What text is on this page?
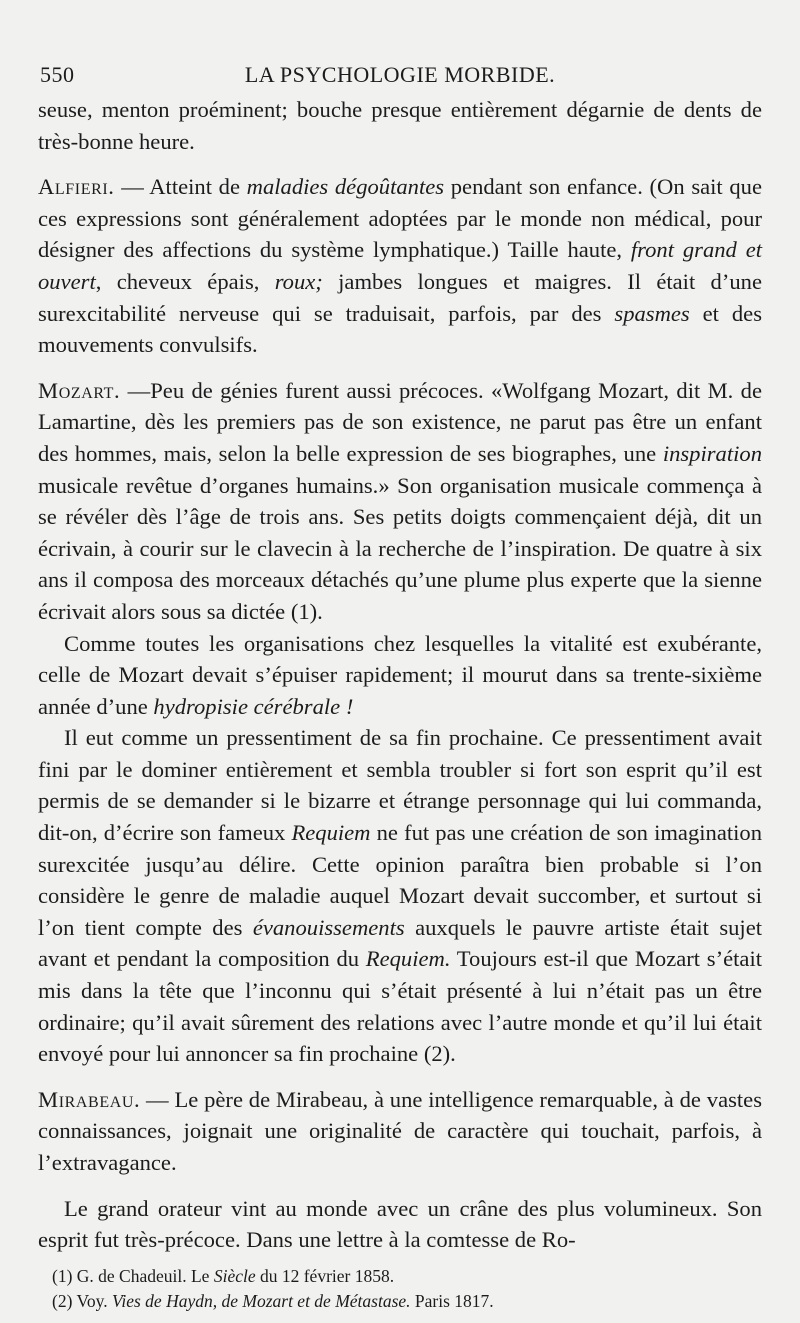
550	LA PSYCHOLOGIE MORBIDE.

seuse, menton proéminent; bouche presque entièrement dégarnie de dents de très-bonne heure.

Alfieri. — Atteint de maladies dégoûtantes pendant son enfance. (On sait que ces expressions sont généralement adoptées par le monde non médical, pour désigner des affections du système lymphatique.) Taille haute, front grand et ouvert, cheveux épais, roux; jambes longues et maigres. Il était d’une surexcitabilité nerveuse qui se traduisait, parfois, par des spasmes et des mouvements convulsifs.

Mozart. —Peu de génies furent aussi précoces. «Wolfgang Mozart, dit M. de Lamartine, dès les premiers pas de son existence, ne parut pas être un enfant des hommes, mais, selon la belle expression de ses biographes, une inspiration musicale revêtue d’organes humains.» Son organisation musicale commença à se révéler dès l’âge de trois ans. Ses petits doigts commençaient déjà, dit un écrivain, à courir sur le clavecin à la recherche de l’inspiration. De quatre à six ans il composa des morceaux détachés qu’une plume plus experte que la sienne écrivait alors sous sa dictée (1).

Comme toutes les organisations chez lesquelles la vitalité est exubérante, celle de Mozart devait s’épuiser rapidement; il mourut dans sa trente-sixième année d’une hydropisie cérébrale !

Il eut comme un pressentiment de sa fin prochaine. Ce pressentiment avait fini par le dominer entièrement et sembla troubler si fort son esprit qu’il est permis de se demander si le bizarre et étrange personnage qui lui commanda, dit-on, d’écrire son fameux Requiem ne fut pas une création de son imagination surexcitée jusqu’au délire. Cette opinion paraîtra bien probable si l’on considère le genre de maladie auquel Mozart devait succomber, et surtout si l’on tient compte des évanouissements auxquels le pauvre artiste était sujet avant et pendant la composition du Requiem. Toujours est-il que Mozart s’était mis dans la tête que l’inconnu qui s’était présenté à lui n’était pas un être ordinaire; qu’il avait sûrement des relations avec l’autre monde et qu’il lui était envoyé pour lui annoncer sa fin prochaine (2).

Mirabeau. — Le père de Mirabeau, à une intelligence remarquable, à de vastes connaissances, joignait une originalité de caractère qui touchait, parfois, à l’extravagance.

Le grand orateur vint au monde avec un crâne des plus volumineux. Son esprit fut très-précoce. Dans une lettre à la comtesse de Ro-

(1) G. de Chadeuil. Le Siècle du 12 février 1858.

(2) Voy. Vies de Haydn, de Mozart et de Métastase. Paris 1817.
